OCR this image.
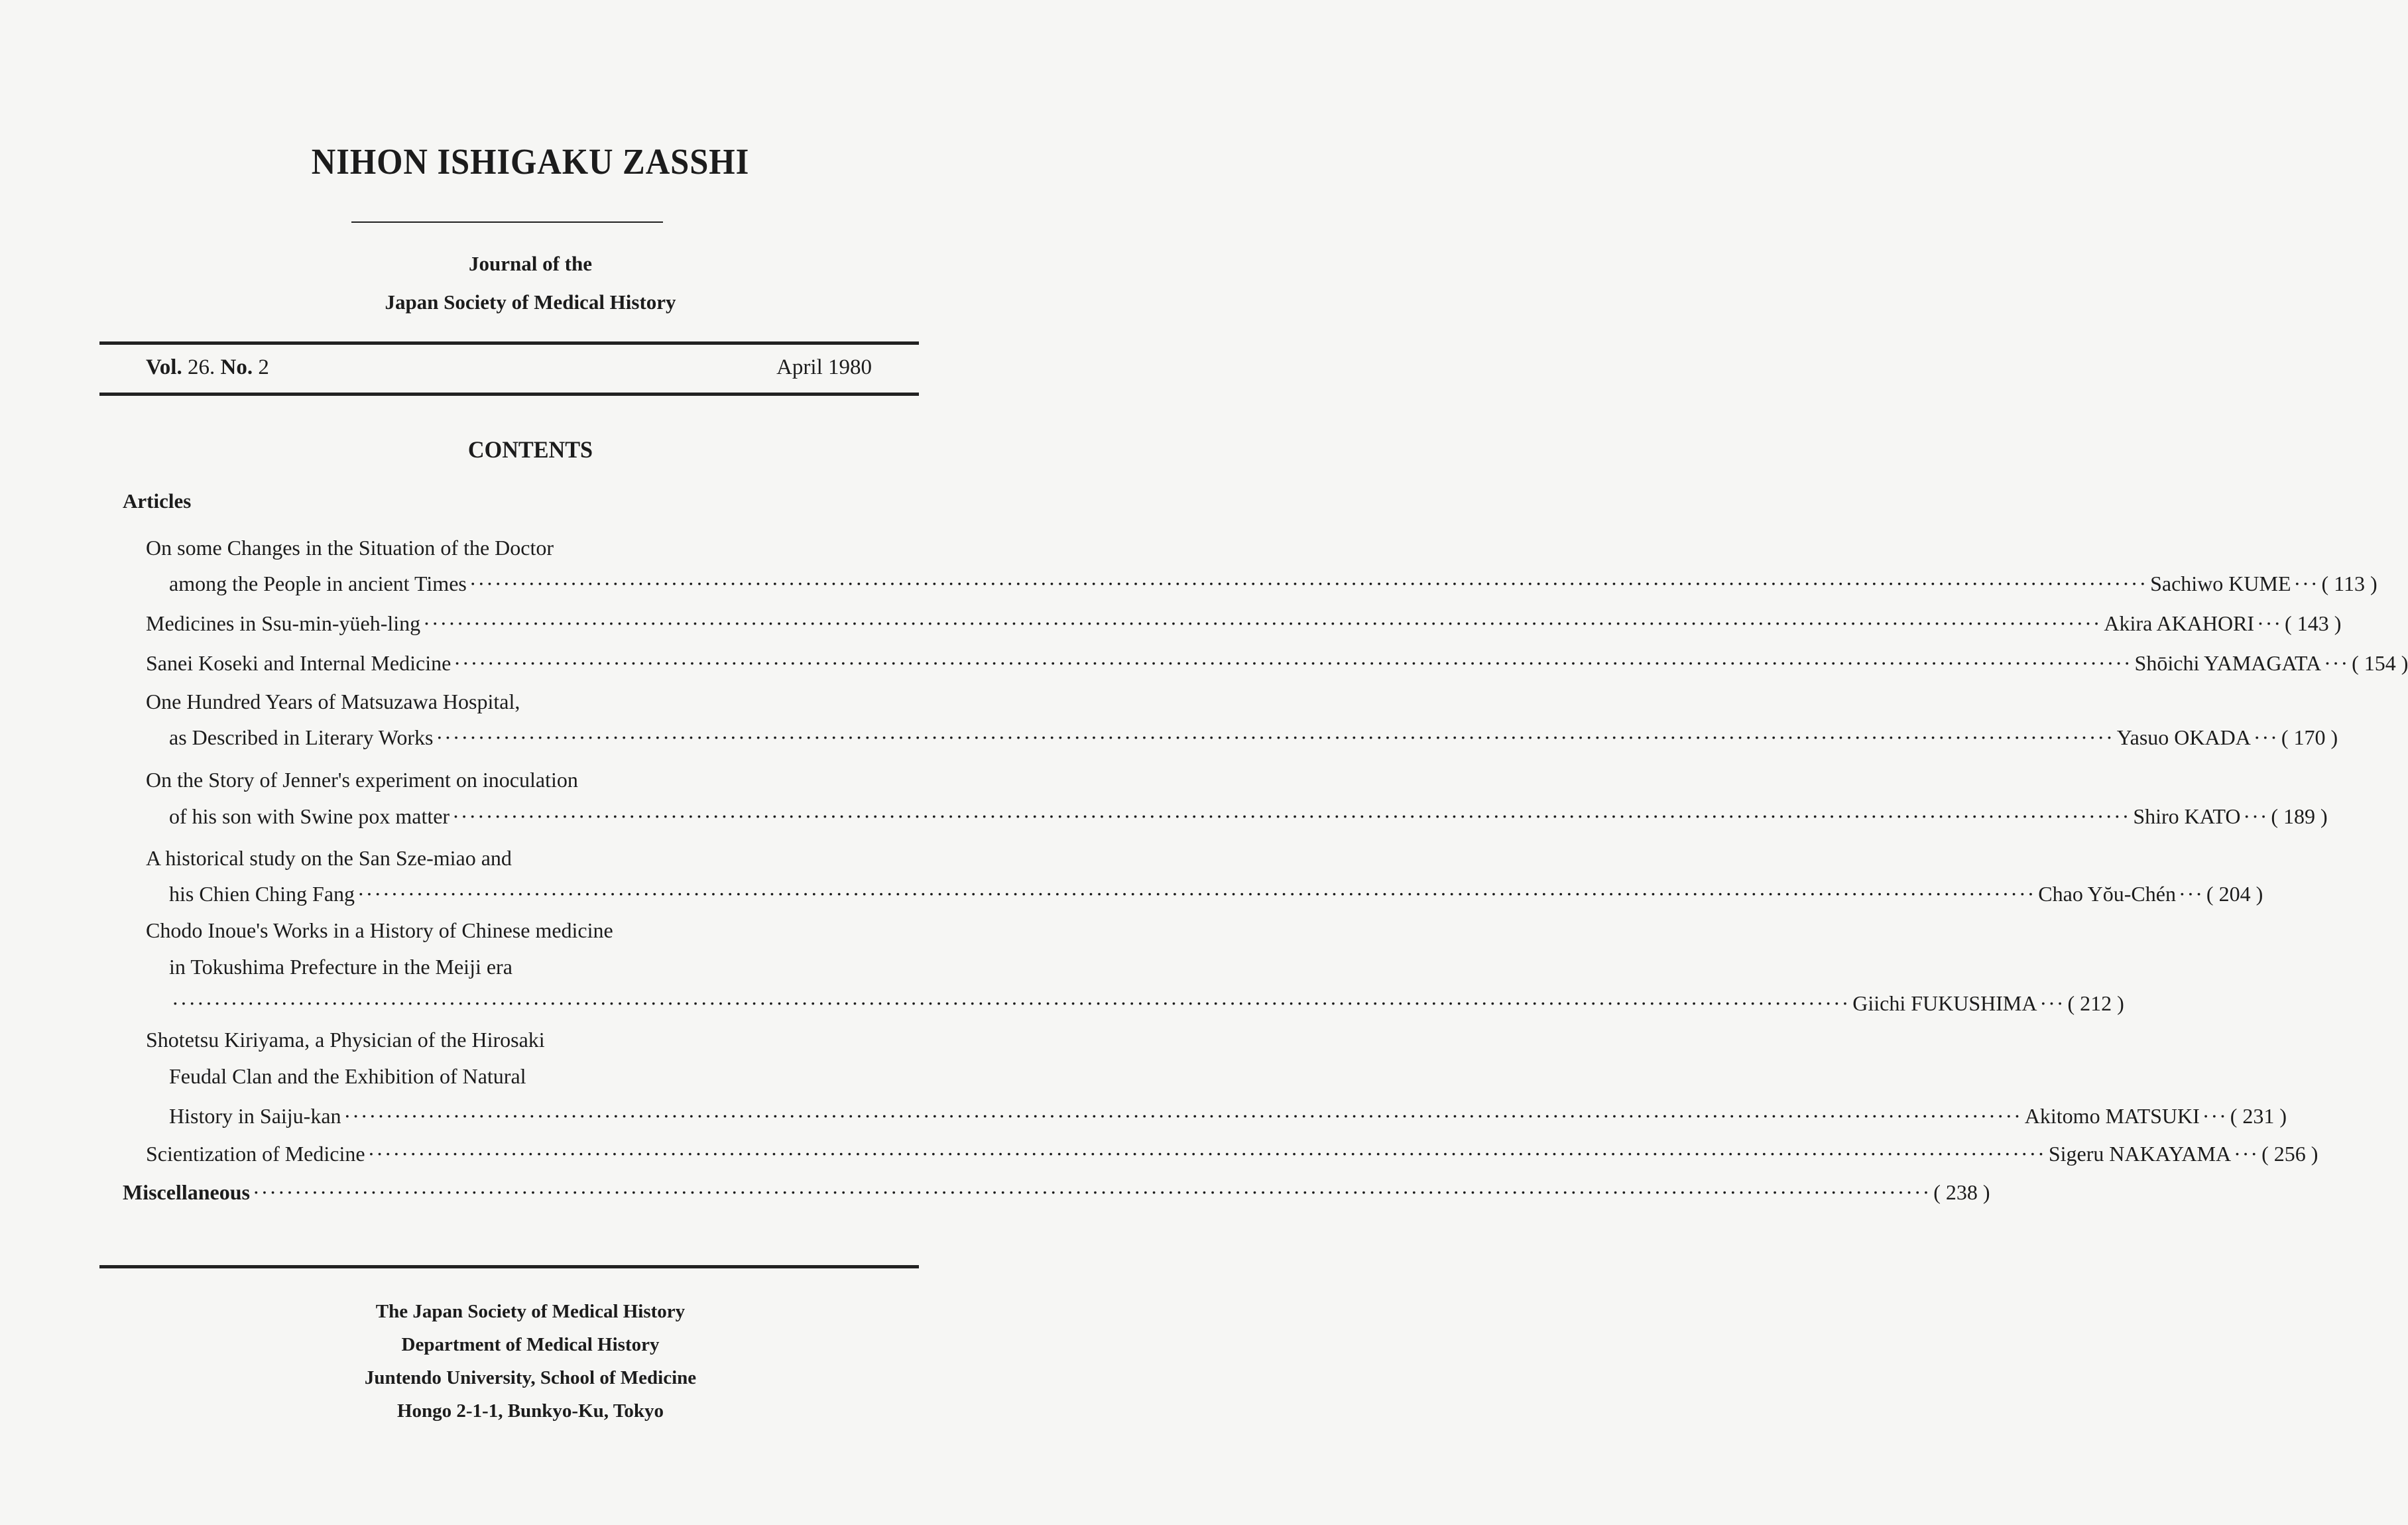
NIHON ISHIGAKU ZASSHI
Journal of the
Japan Society of Medical History
Vol. 26. No. 2	April 1980
CONTENTS
Articles
On some Changes in the Situation of the Doctor
among the People in ancient Times ········································································································································································································ Sachiwo KUME ··· ( 113 )
Medicines in Ssu-min-yüeh-ling ········································································································································································································ Akira AKAHORI ··· ( 143 )
Sanei Koseki and Internal Medicine ········································································································································································································ Shōichi YAMAGATA ··· ( 154 )
One Hundred Years of Matsuzawa Hospital,
as Described in Literary Works ········································································································································································································ Yasuo OKADA ··· ( 170 )
On the Story of Jenner's experiment on inoculation
of his son with Swine pox matter ········································································································································································································ Shiro KATO ··· ( 189 )
A historical study on the San Sze-miao and
his Chien Ching Fang ········································································································································································································ Chao Yŏu-Chén ··· ( 204 )
Chodo Inoue's Works in a History of Chinese medicine
in Tokushima Prefecture in the Meiji era
········································································································································································································ Giichi FUKUSHIMA ··· ( 212 )
Shotetsu Kiriyama, a Physician of the Hirosaki
Feudal Clan and the Exhibition of Natural
History in Saiju-kan ········································································································································································································ Akitomo MATSUKI ··· ( 231 )
Scientization of Medicine ········································································································································································································ Sigeru NAKAYAMA ··· ( 256 )
Miscellaneous ········································································································································································································ ( 238 )
The Japan Society of Medical History
Department of Medical History
Juntendo University, School of Medicine
Hongo 2-1-1, Bunkyo-Ku, Tokyo
